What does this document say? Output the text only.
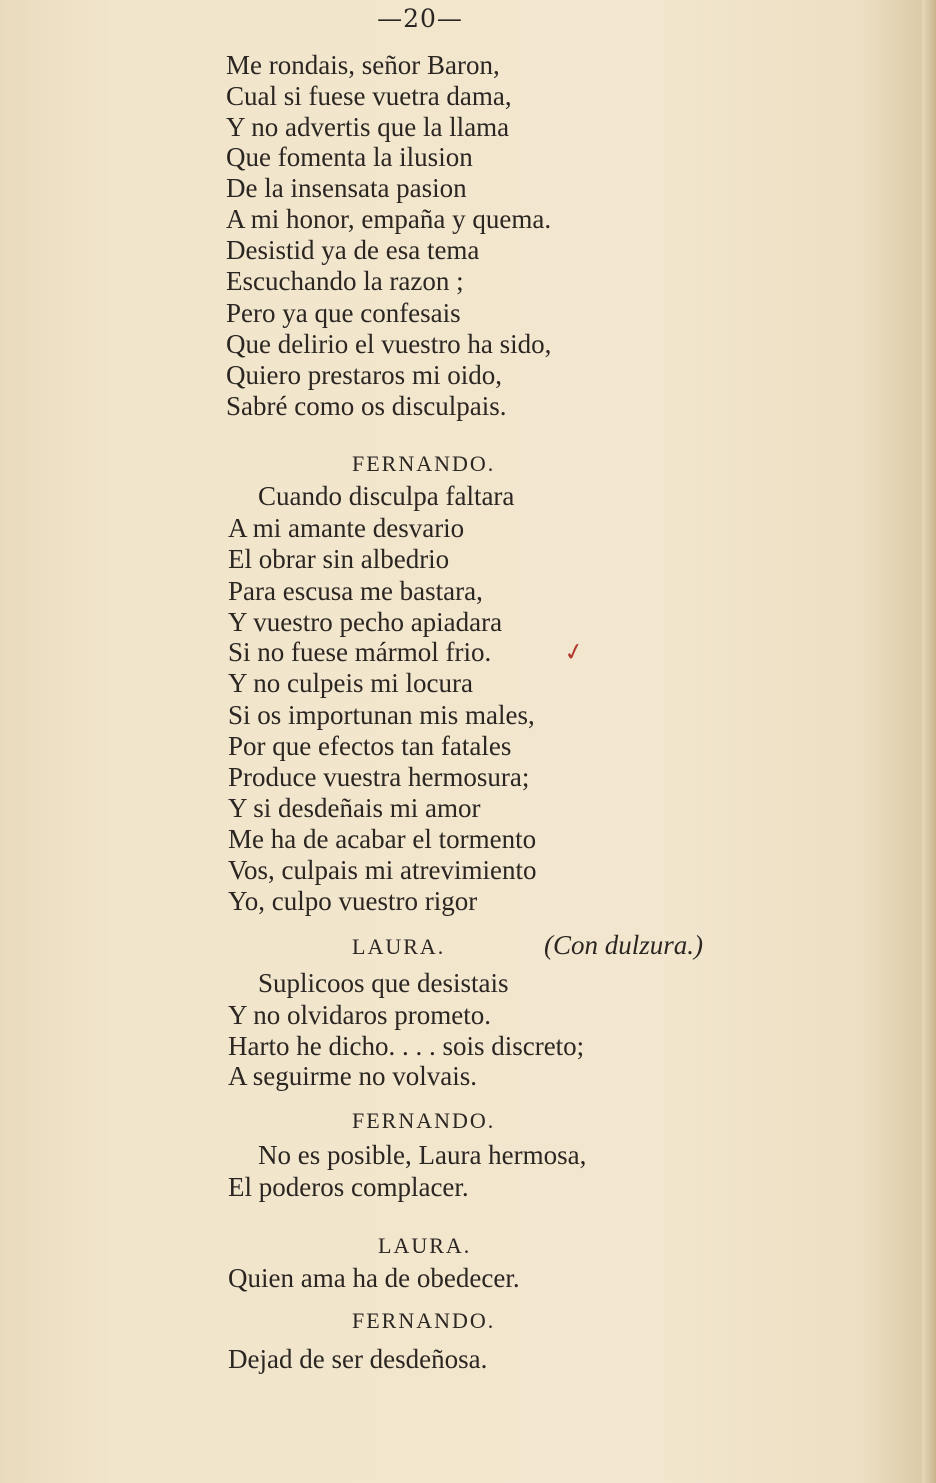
—20—
Me rondais, señor Baron,
Cual si fuese vuetra dama,
Y no advertis que la llama
Que fomenta la ilusion
De la insensata pasion
A mi honor, empaña y quema.
Desistid ya de esa tema
Escuchando la razon ;
Pero ya que confesais
Que delirio el vuestro ha sido,
Quiero prestaros mi oido,
Sabré como os disculpais.
FERNANDO.
Cuando disculpa faltara
A mi amante desvario
El obrar sin albedrio
Para escusa me bastara,
Y vuestro pecho apiadara
Si no fuese mármol frio.	✓
Y no culpeis mi locura
Si os importunan mis males,
Por que efectos tan fatales
Produce vuestra hermosura;
Y si desdeñais mi amor
Me ha de acabar el tormento
Vos, culpais mi atrevimiento
Yo, culpo vuestro rigor
LAURA.	(Con dulzura.)
Suplicoos que desistais
Y no olvidaros prometo.
Harto he dicho. . . . sois discreto;
A seguirme no volvais.
FERNANDO.
No es posible, Laura hermosa,
El poderos complacer.
LAURA.
Quien ama ha de obedecer.
FERNANDO.
Dejad de ser desdeñosa.
